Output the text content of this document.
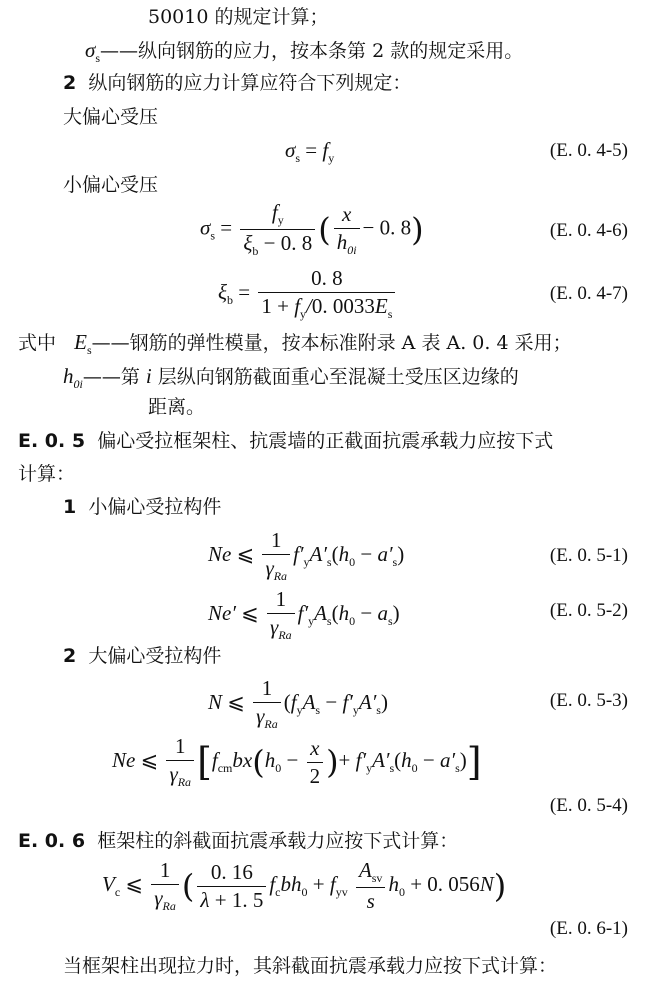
50010 的规定计算；
$\sigma_s——$纵向钢筋的应力，按本条第 2 款的规定采用。
2 纵向钢筋的应力计算应符合下列规定：
大偏心受压
$\sigma_s = f_y$	(E. 0. 4-5)
小偏心受压
$\sigma_s = \frac{f_y}{\xi_b - 0. 8}$ ( $\frac{x}{h_{0i}} - 0$. 8)	(E. 0. 4-6)
$\xi_b = \frac{0. 8}{1 + f_y/0. 0033E_s}$	(E. 0. 4-7)
式中 $E_s——$钢筋的弹性模量，按本标准附录 A 表 A. 0. 4 采用；
$h_{0i}——$第 i 层纵向钢筋截面重心至混凝土受压区边缘的
距离。
E. 0. 5 偏心受拉框架柱、抗震墙的正截面抗震承载力应按下式
计算：
1 小偏心受拉构件
Ne ⩽ $\frac{1}{\gamma_{Ra}} f'_yA'_s(h_0 - a'_s)$	(E. 0. 5-1)
Ne′ ⩽ $\frac{1}{\gamma_{Ra}} f'_yA_s(h_0 - a_s)$	(E. 0. 5-2)
2 大偏心受拉构件
N ⩽ $\frac{1}{\gamma_{Ra}} (f_yA_s - f'_yA'_s)$	(E. 0. 5-3)
Ne ⩽ $\frac{1}{\gamma_{Ra}} [f_{cm}bx(h_0 - \frac{x}{2}$ )+ $f'_yA'_s(h_0 - a'_s)$]
(E. 0. 5-4)
E. 0. 6 框架柱的斜截面抗震承载力应按下式计算：
$V_c$ ⩽ $\frac{1}{\gamma_{Ra}}$ ( $\frac{0. 16}{\lambda + 1. 5} f_cbh_0 + f_{yv} \frac{A_{sv}}{s} h_0 + 0$. 056N)
(E. 0. 6-1)
当框架柱出现拉力时，其斜截面抗震承载力应按下式计算：
